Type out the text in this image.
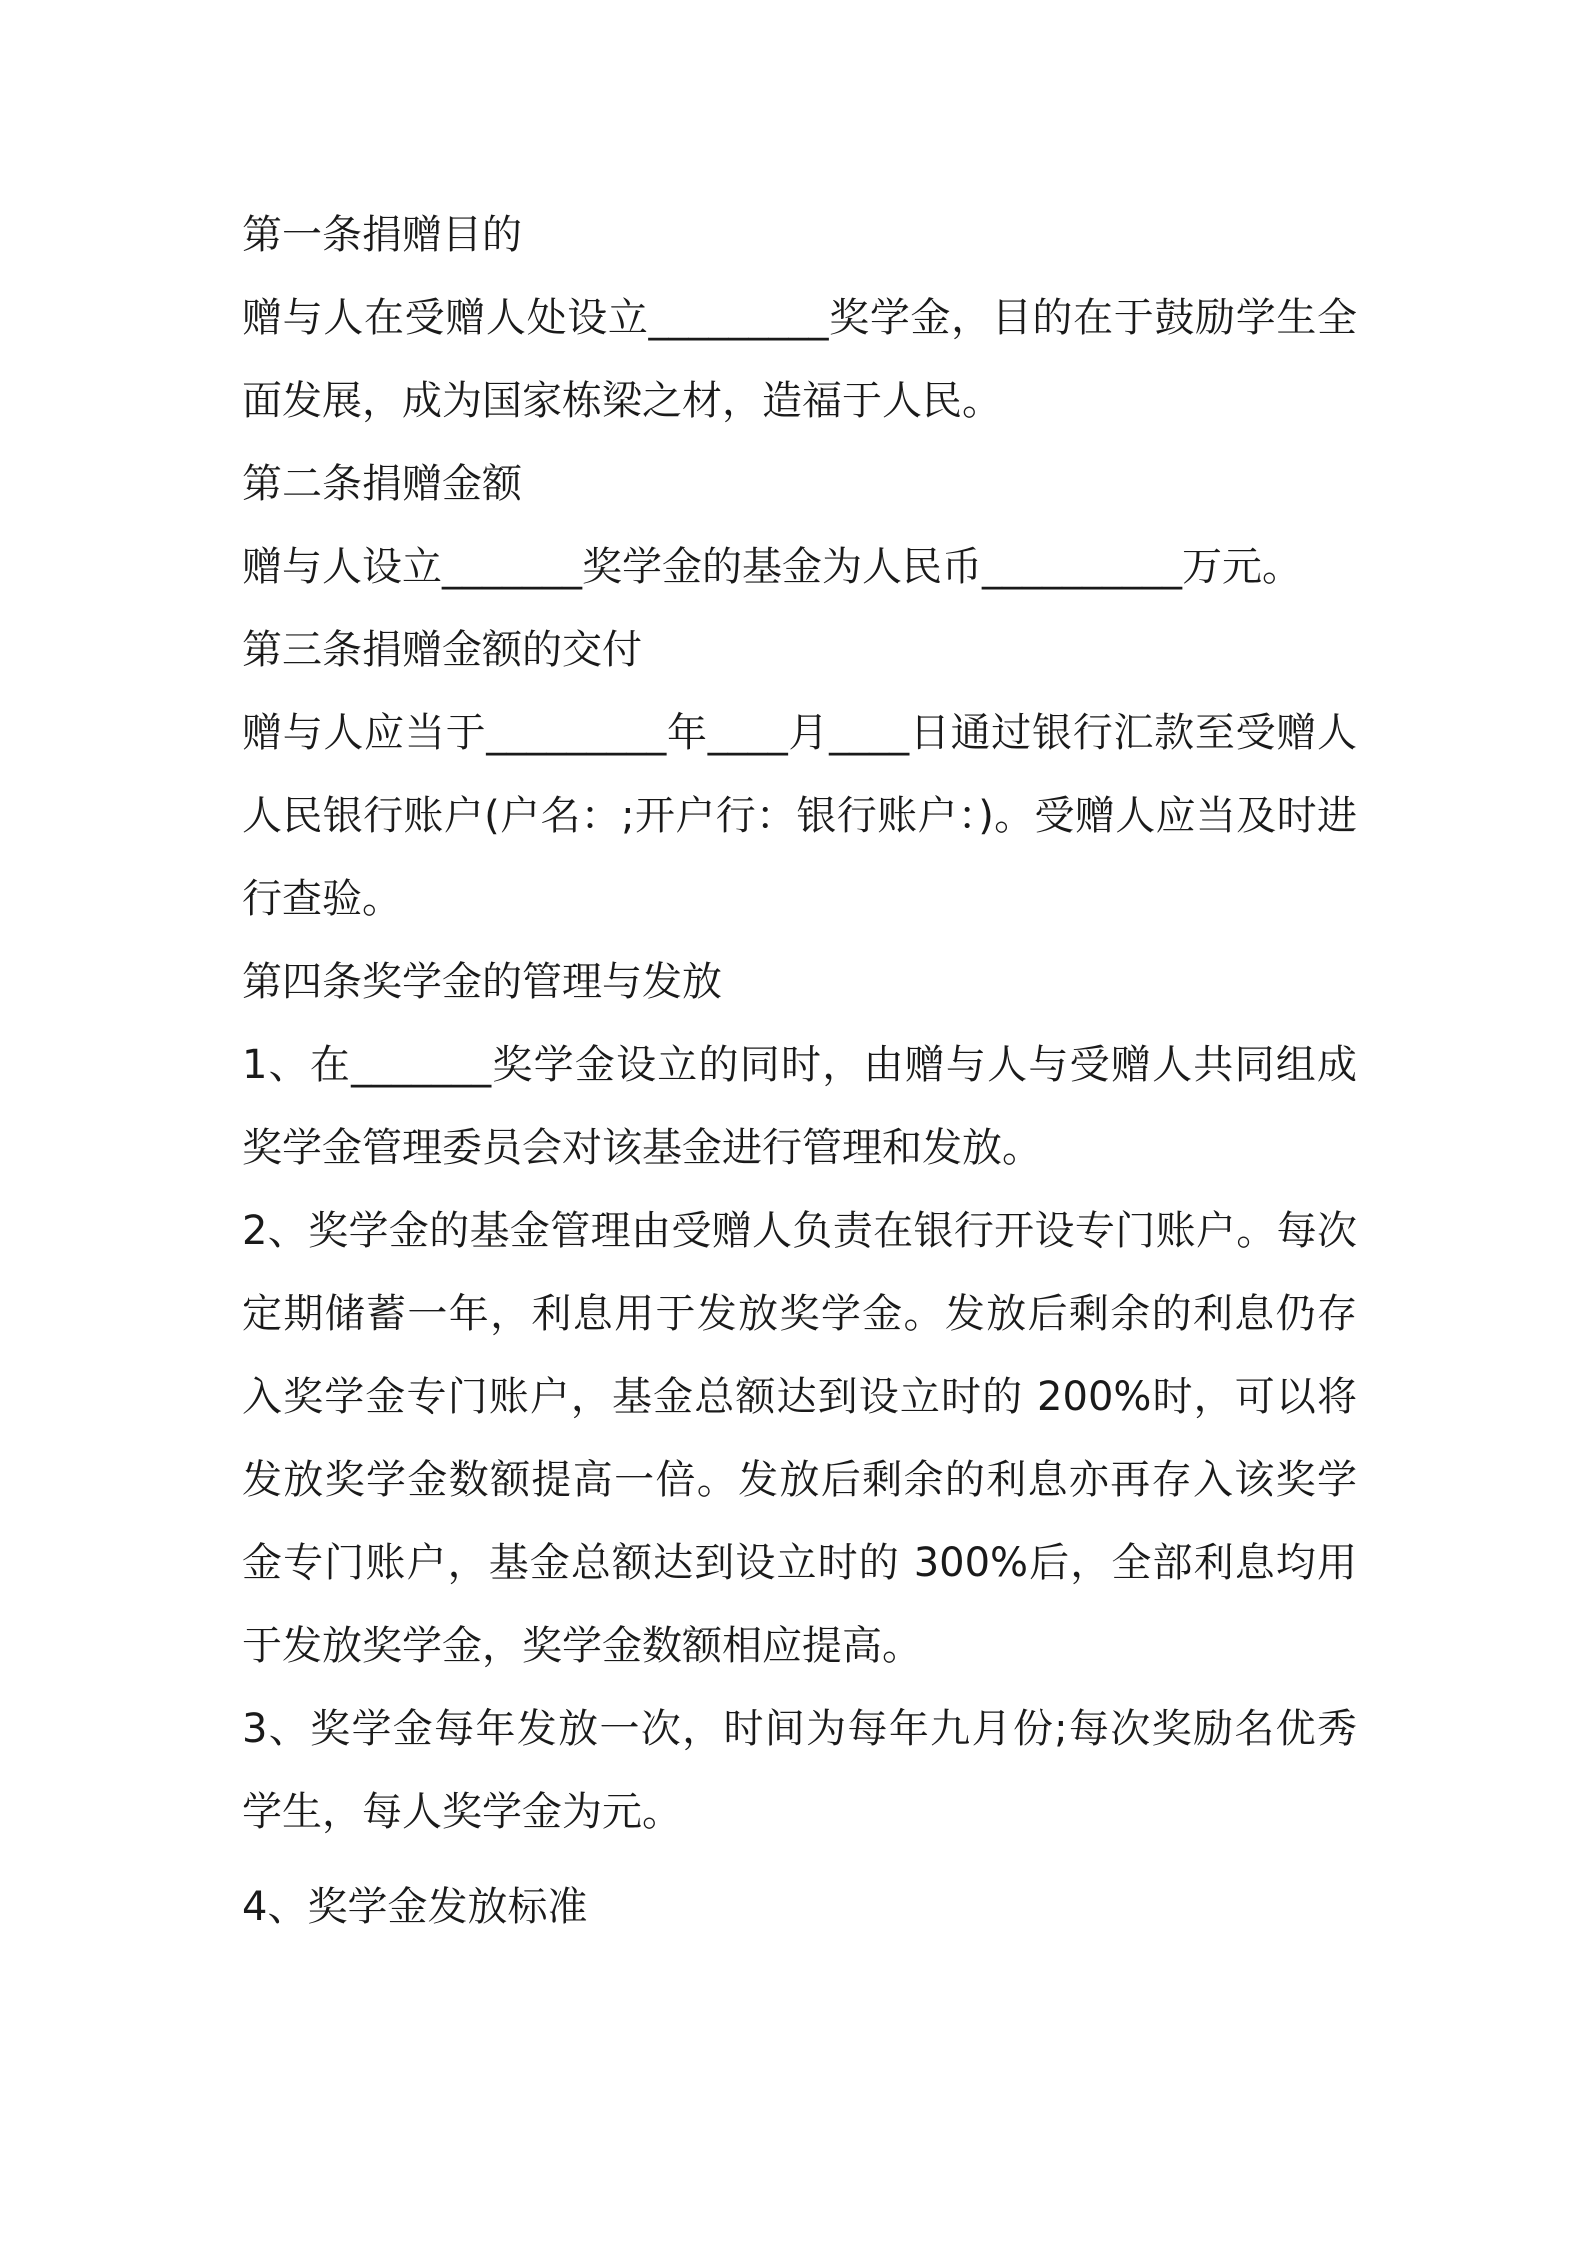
第一条捐赠目的

赠与人在受赠人处设立_________奖学金，目的在于鼓励学生全面发展，成为国家栋梁之材，造福于人民。

第二条捐赠金额

赠与人设立_______奖学金的基金为人民币__________万元。

第三条捐赠金额的交付

赠与人应当于_________年____月____日通过银行汇款至受赠人人民银行账户(户名：;开户行：银行账户：)。受赠人应当及时进行查验。

第四条奖学金的管理与发放

1、在_______奖学金设立的同时，由赠与人与受赠人共同组成奖学金管理委员会对该基金进行管理和发放。

2、奖学金的基金管理由受赠人负责在银行开设专门账户。每次定期储蓄一年，利息用于发放奖学金。发放后剩余的利息仍存入奖学金专门账户，基金总额达到设立时的 200%时，可以将发放奖学金数额提高一倍。发放后剩余的利息亦再存入该奖学金专门账户，基金总额达到设立时的 300%后，全部利息均用于发放奖学金，奖学金数额相应提高。

3、奖学金每年发放一次，时间为每年九月份;每次奖励名优秀学生，每人奖学金为元。

4、奖学金发放标准
